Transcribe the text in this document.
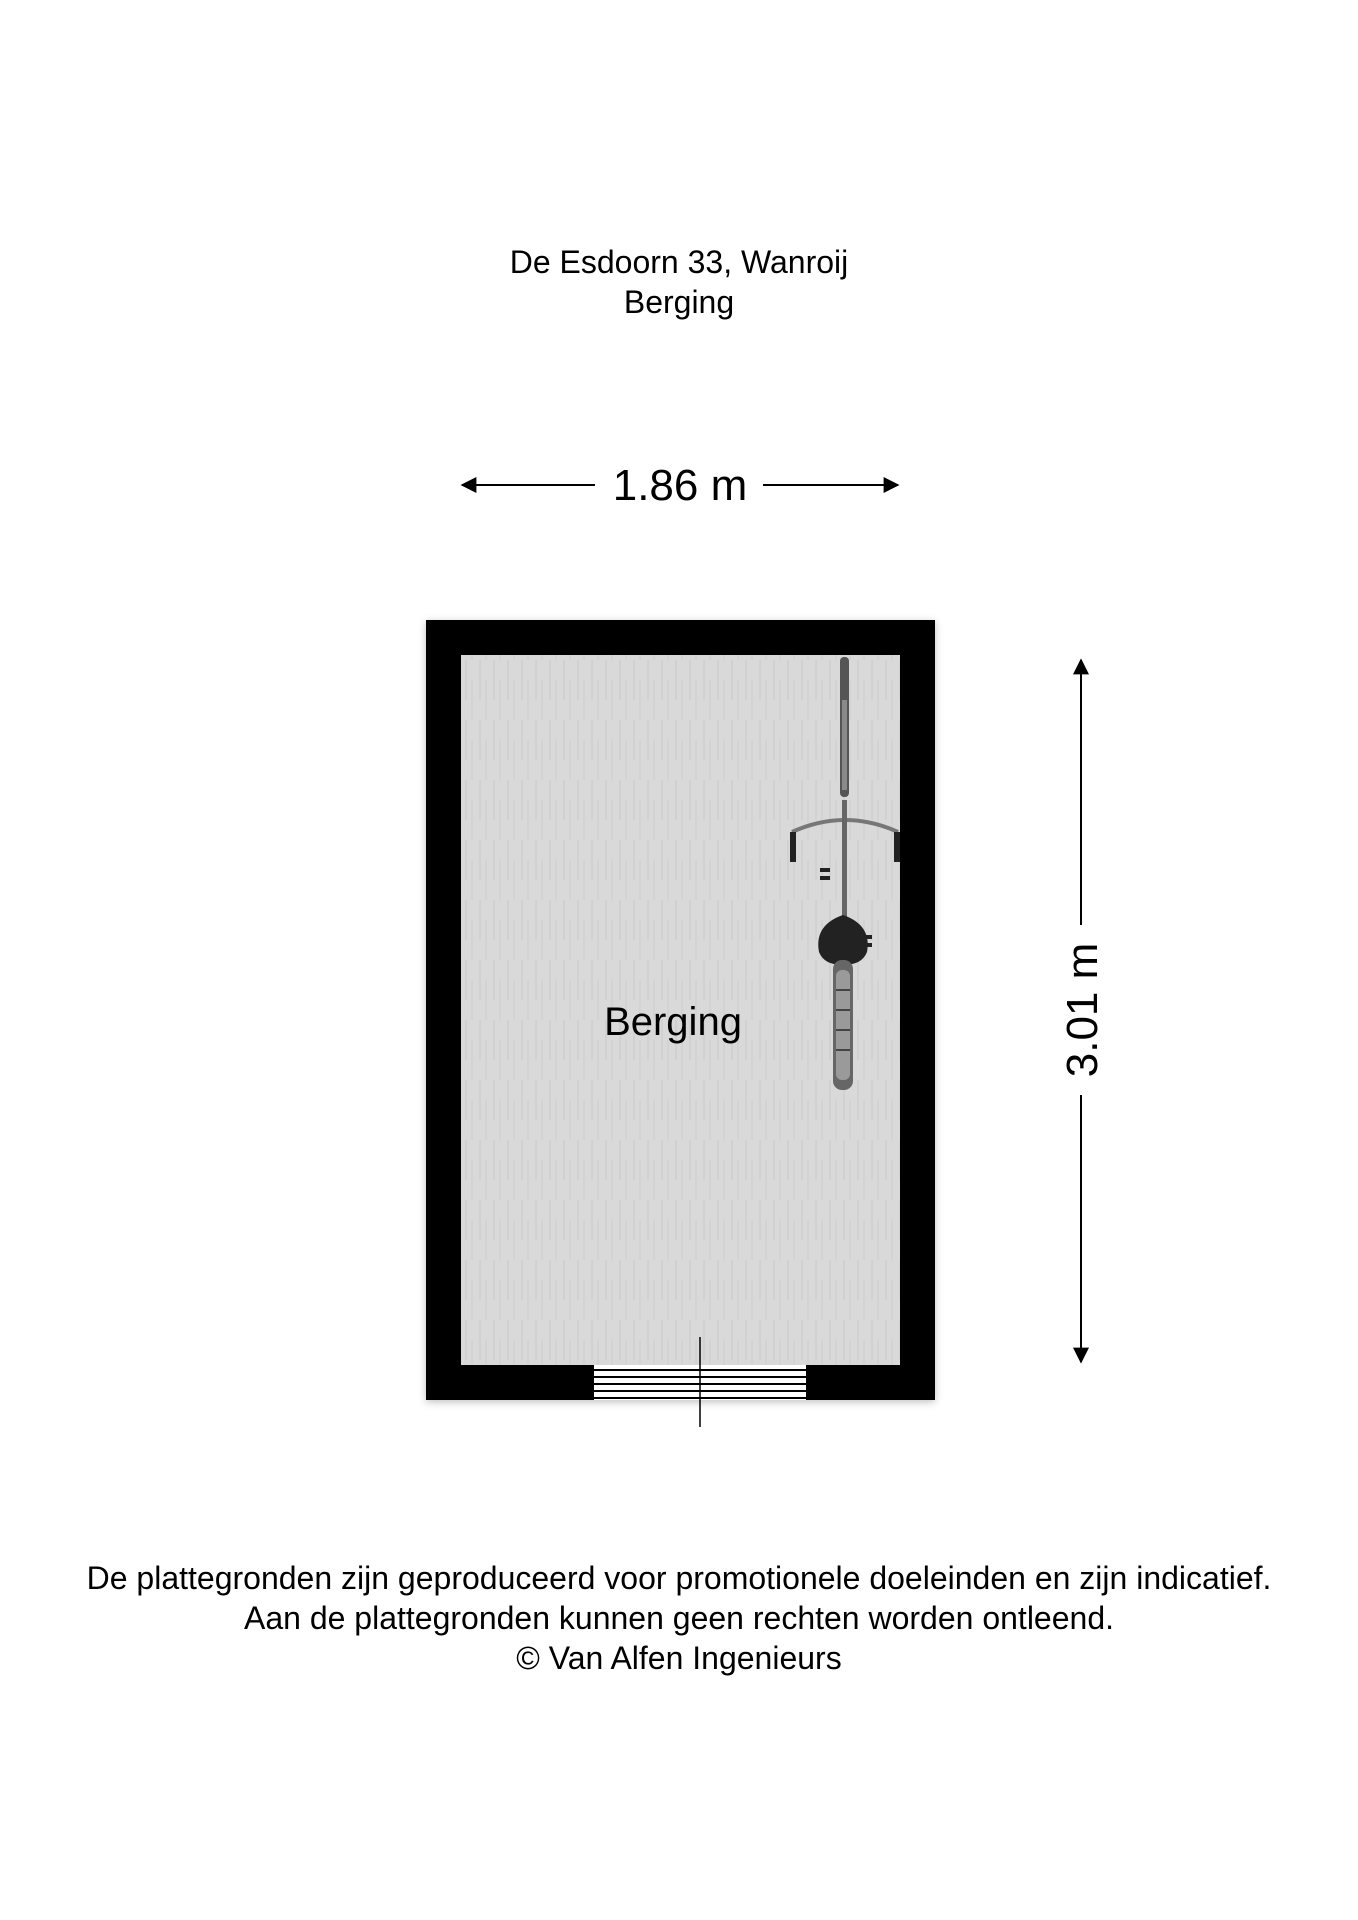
De Esdoorn 33, Wanroij
Berging
1.86 m
Berging	3.01 m
De plattegronden zijn geproduceerd voor promotionele doeleinden en zijn indicatief.
Aan de plattegronden kunnen geen rechten worden ontleend.
© Van Alfen Ingenieurs
